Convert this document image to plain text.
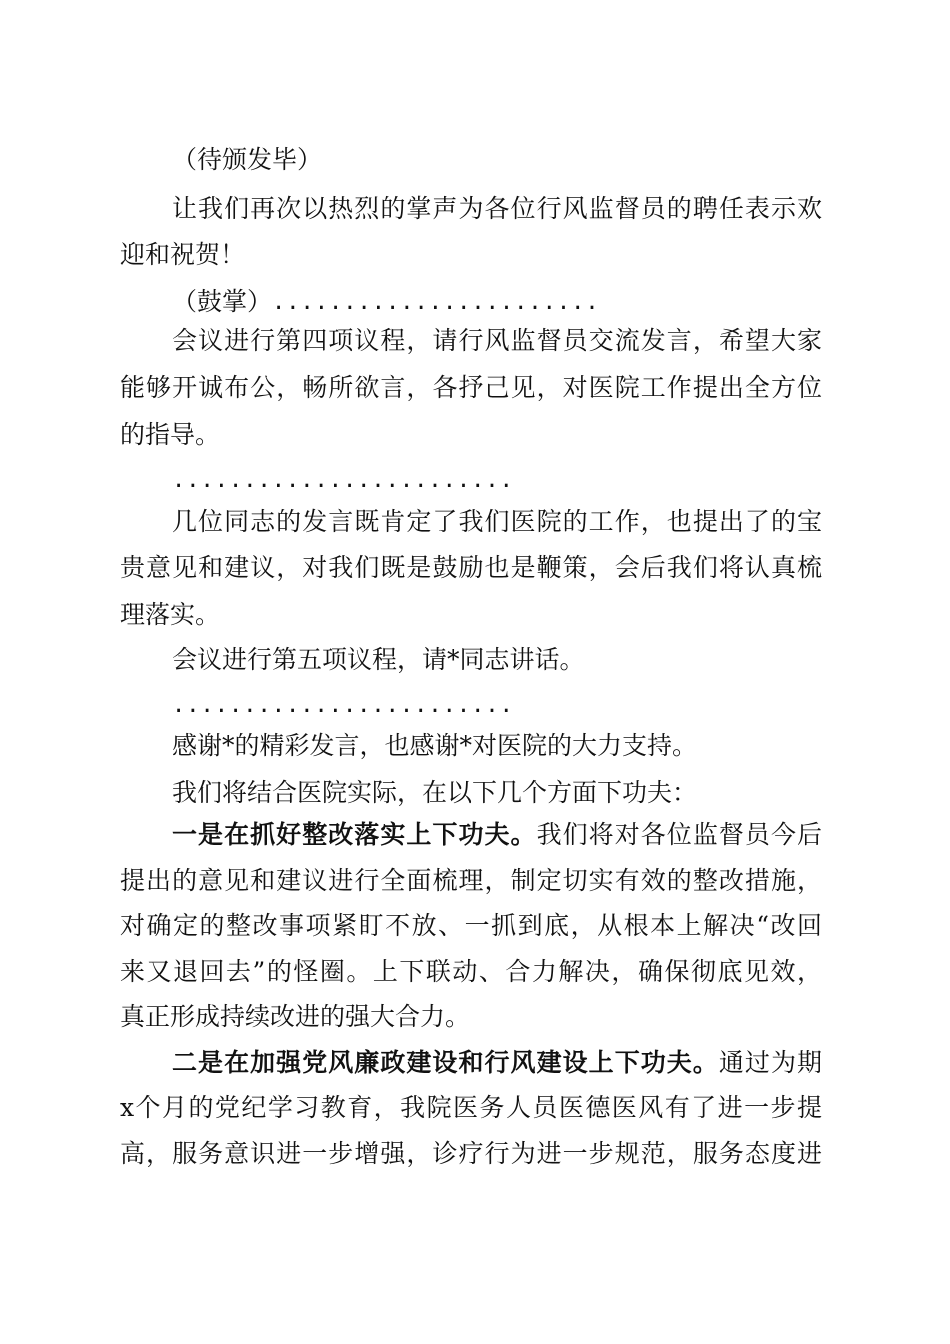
（待颁发毕）

让我们再次以热烈的掌声为各位行风监督员的聘任表示欢

迎和祝贺！

（鼓掌） .......................

会议进行第四项议程，请行风监督员交流发言，希望大家

能够开诚布公，畅所欲言，各抒己见，对医院工作提出全方位

的指导。

........................

几位同志的发言既肯定了我们医院的工作，也提出了的宝

贵意见和建议，对我们既是鼓励也是鞭策，会后我们将认真梳

理落实。

会议进行第五项议程，请*同志讲话。

........................

感谢*的精彩发言，也感谢*对医院的大力支持。

我们将结合医院实际，在以下几个方面下功夫：

一是在抓好整改落实上下功夫。我们将对各位监督员今后

提出的意见和建议进行全面梳理，制定切实有效的整改措施，

对确定的整改事项紧盯不放、一抓到底，从根本上解决“改回

来又退回去”的怪圈。上下联动、合力解决，确保彻底见效，

真正形成持续改进的强大合力。

二是在加强党风廉政建设和行风建设上下功夫。通过为期

x个月的党纪学习教育，我院医务人员医德医风有了进一步提

高，服务意识进一步增强，诊疗行为进一步规范，服务态度进
